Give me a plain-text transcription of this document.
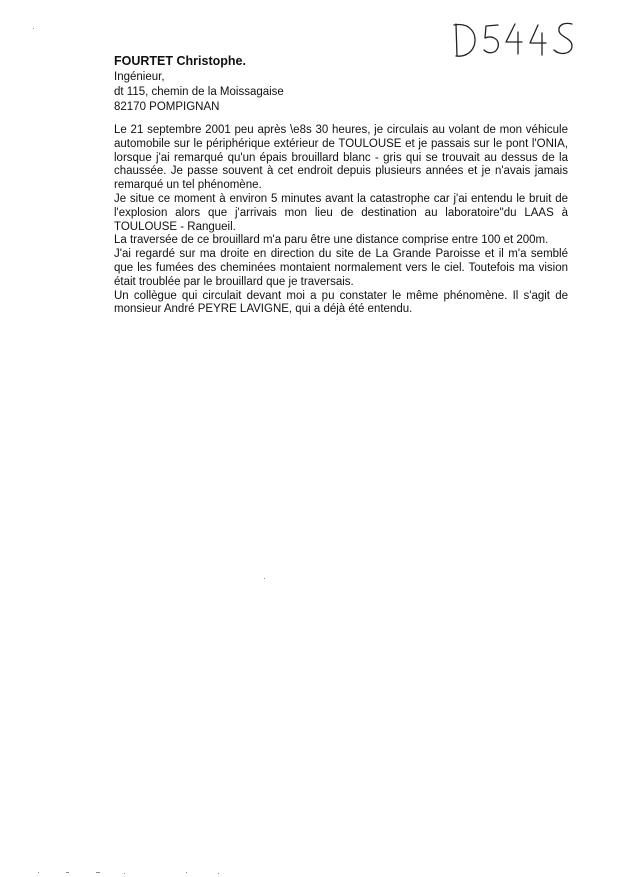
FOURTET Christophe.

Ingénieur,

dt 115, chemin de la Moissagaise

82170 POMPIGNAN

Le 21 septembre 2001 peu après \e8s 30 heures, je circulais au volant de mon véhicule automobile sur le périphérique extérieur de TOULOUSE et je passais sur le pont l'ONIA, lorsque j'ai remarqué qu'un épais brouillard blanc - gris qui se trouvait au dessus de la chaussée. Je passe souvent à cet endroit depuis plusieurs années et je n'avais jamais remarqué un tel phénomène.

Je situe ce moment à environ 5 minutes avant la catastrophe car j'ai entendu le bruit de l'explosion alors que j'arrivais mon lieu de destination au laboratoire"du LAAS à TOULOUSE - Rangueil.

La traversée de ce brouillard m'a paru être une distance comprise entre 100 et 200m.

J'ai regardé sur ma droite en direction du site de La Grande Paroisse et il m'a semblé que les fumées des cheminées montaient normalement vers le ciel. Toutefois ma vision était troublée par le brouillard que je traversais.

Un collègue qui circulait devant moi a pu constater le même phénomène. Il s'agit de monsieur André PEYRE LAVIGNE, qui a déjà été entendu.
